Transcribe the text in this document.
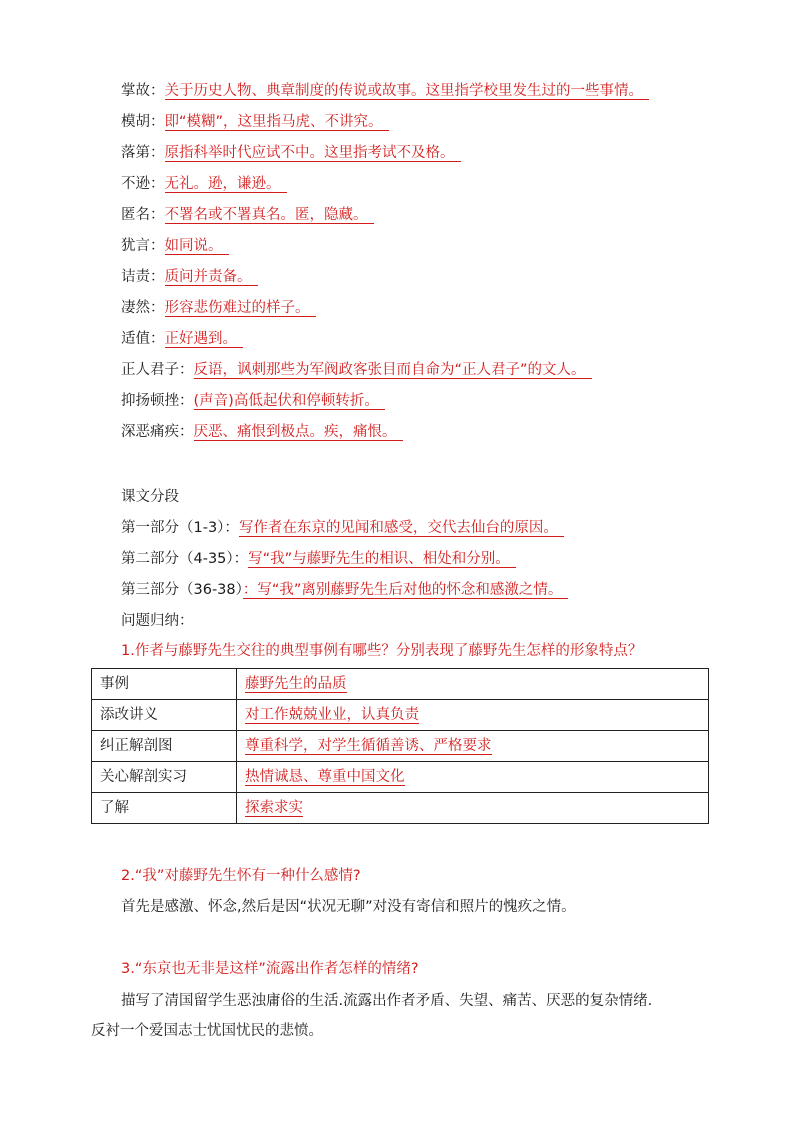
掌故：关于历史人物、典章制度的传说或故事。这里指学校里发生过的一些事情。
模胡：即“模糊”，这里指马虎、不讲究。
落第：原指科举时代应试不中。这里指考试不及格。
不逊：无礼。逊，谦逊。
匿名：不署名或不署真名。匿，隐藏。
犹言：如同说。
诘责：质问并责备。
凄然：形容悲伤难过的样子。
适值：正好遇到。
正人君子：反语，讽刺那些为军阀政客张目而自命为“正人君子”的文人。
抑扬顿挫：(声音)高低起伏和停顿转折。
深恶痛疾：厌恶、痛恨到极点。疾，痛恨。
课文分段
第一部分（1-3）：写作者在东京的见闻和感受，交代去仙台的原因。
第二部分（4-35）：写“我”与藤野先生的相识、相处和分别。
第三部分（36-38）：写“我”离别藤野先生后对他的怀念和感激之情。
问题归纳：
1.作者与藤野先生交往的典型事例有哪些？分别表现了藤野先生怎样的形象特点？
事例	藤野先生的品质
添改讲义	对工作兢兢业业，认真负责
纠正解剖图	尊重科学，对学生循循善诱、严格要求
关心解剖实习	热情诚恳、尊重中国文化
了解	探索求实
2.“我”对藤野先生怀有一种什么感情?
首先是感激、怀念,然后是因“状况无聊”对没有寄信和照片的愧疚之情。
3.“东京也无非是这样”流露出作者怎样的情绪?
描写了清国留学生恶浊庸俗的生活.流露出作者矛盾、失望、痛苦、厌恶的复杂情绪.
反衬一个爱国志士忧国忧民的悲愤。
